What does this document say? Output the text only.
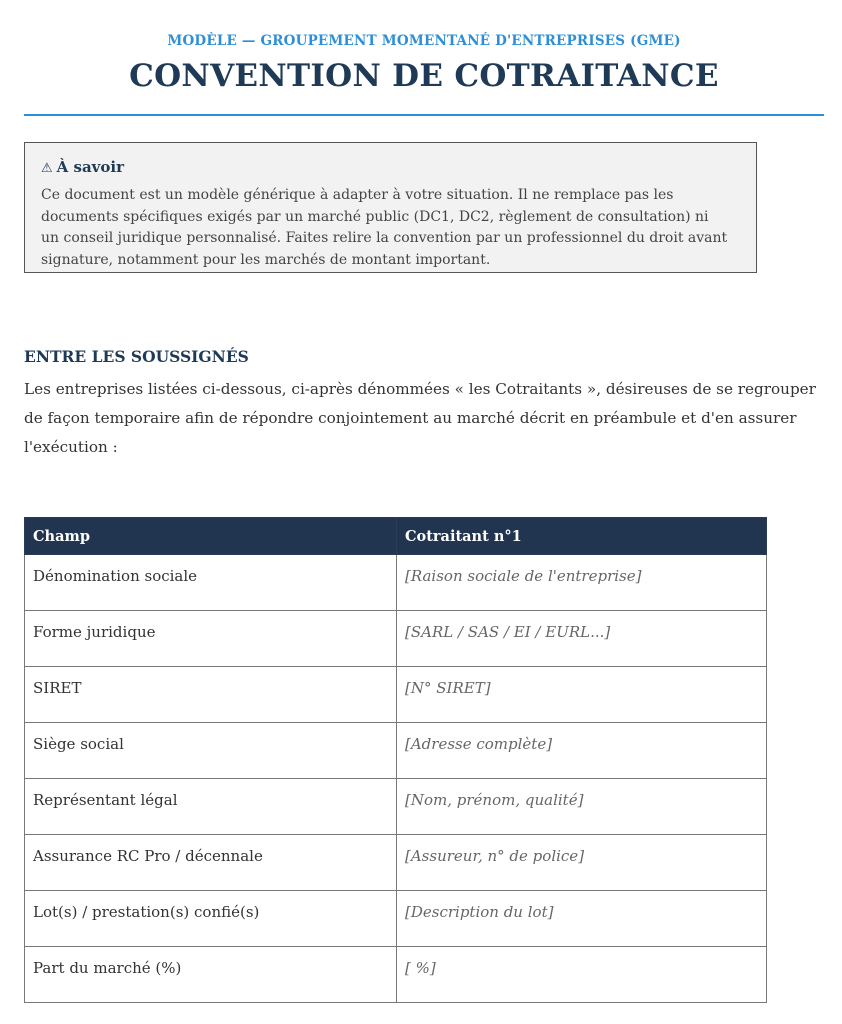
MODÈLE — GROUPEMENT MOMENTANÉ D'ENTREPRISES (GME)
CONVENTION DE COTRAITANCE
⚠ À savoir
Ce document est un modèle générique à adapter à votre situation. Il ne remplace pas les documents spécifiques exigés par un marché public (DC1, DC2, règlement de consultation) ni un conseil juridique personnalisé. Faites relire la convention par un professionnel du droit avant signature, notamment pour les marchés de montant important.
ENTRE LES SOUSSIGNÉS

Les entreprises listées ci-dessous, ci-après dénommées « les Cotraitants », désireuses de se regrouper de façon temporaire afin de répondre conjointement au marché décrit en préambule et d'en assurer l'exécution :

Champ	Cotraitant n°1
Dénomination sociale	[Raison sociale de l'entreprise]
Forme juridique	[SARL / SAS / EI / EURL...]
SIRET	[N° SIRET]
Siège social	[Adresse complète]
Représentant légal	[Nom, prénom, qualité]
Assurance RC Pro / décennale	[Assureur, n° de police]
Lot(s) / prestation(s) confié(s)	[Description du lot]
Part du marché (%)	[ %]
